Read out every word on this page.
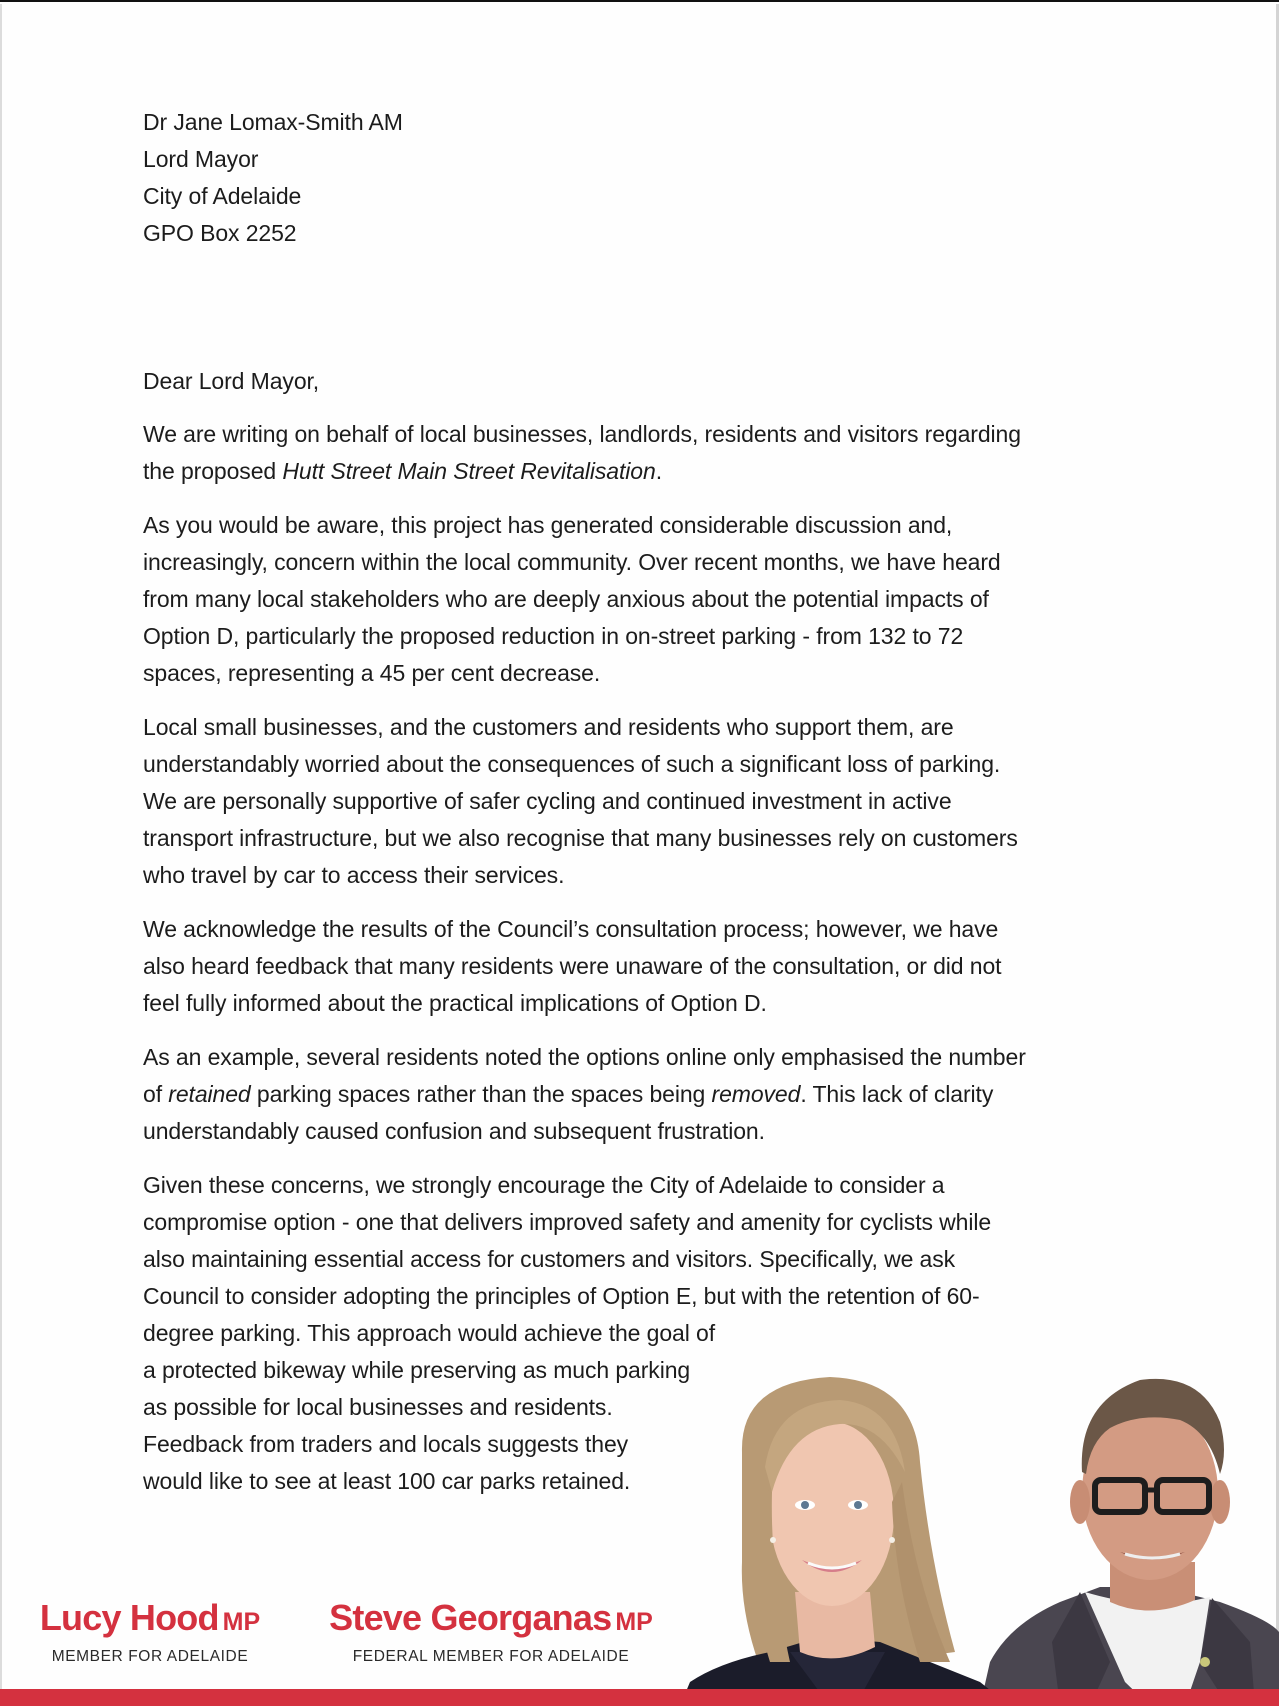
Dr Jane Lomax-Smith AM
Lord Mayor
City of Adelaide
GPO Box 2252
Dear Lord Mayor,

We are writing on behalf of local businesses, landlords, residents and visitors regarding
the proposed Hutt Street Main Street Revitalisation.

As you would be aware, this project has generated considerable discussion and,
increasingly, concern within the local community. Over recent months, we have heard
from many local stakeholders who are deeply anxious about the potential impacts of
Option D, particularly the proposed reduction in on-street parking - from 132 to 72
spaces, representing a 45 per cent decrease.

Local small businesses, and the customers and residents who support them, are
understandably worried about the consequences of such a significant loss of parking.
We are personally supportive of safer cycling and continued investment in active
transport infrastructure, but we also recognise that many businesses rely on customers
who travel by car to access their services.

We acknowledge the results of the Council’s consultation process; however, we have
also heard feedback that many residents were unaware of the consultation, or did not
feel fully informed about the practical implications of Option D.

As an example, several residents noted the options online only emphasised the number
of retained parking spaces rather than the spaces being removed. This lack of clarity
understandably caused confusion and subsequent frustration.

Given these concerns, we strongly encourage the City of Adelaide to consider a
compromise option - one that delivers improved safety and amenity for cyclists while
also maintaining essential access for customers and visitors. Specifically, we ask
Council to consider adopting the principles of Option E, but with the retention of 60-
degree parking. This approach would achieve the goal of
a protected bikeway while preserving as much parking
as possible for local businesses and residents.
Feedback from traders and locals suggests they
would like to see at least 100 car parks retained.

Lucy Hood MP
MEMBER FOR ADELAIDE
Steve Georganas MP
FEDERAL MEMBER FOR ADELAIDE
